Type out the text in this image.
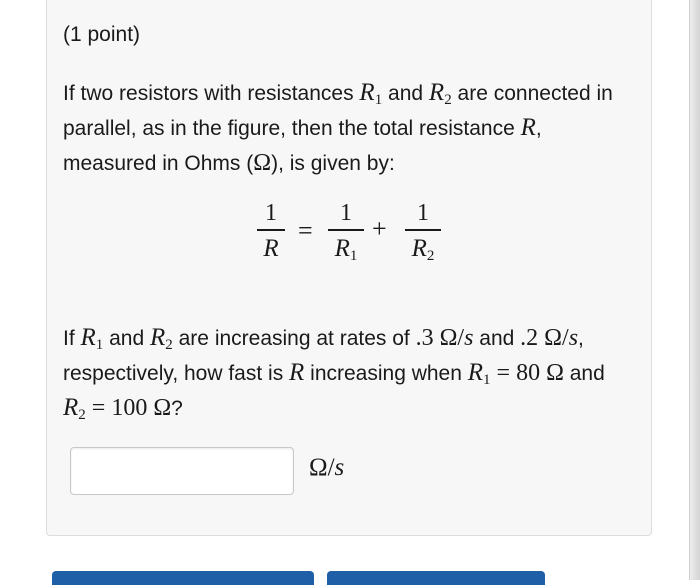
(1 point)
If two resistors with resistances $R_1$ and $R_2$ are connected in parallel, as in the figure, then the total resistance R, measured in Ohms (Ω), is given by:
1
R
=
1
$R_1$
+
1
$R_2$
If $R_1$ and $R_2$ are increasing at rates of .3 Ω/s and .2 Ω/s, respectively, how fast is R increasing when $R_1 = 80$ Ω and $R_2 = 100$ Ω?
Ω/s
